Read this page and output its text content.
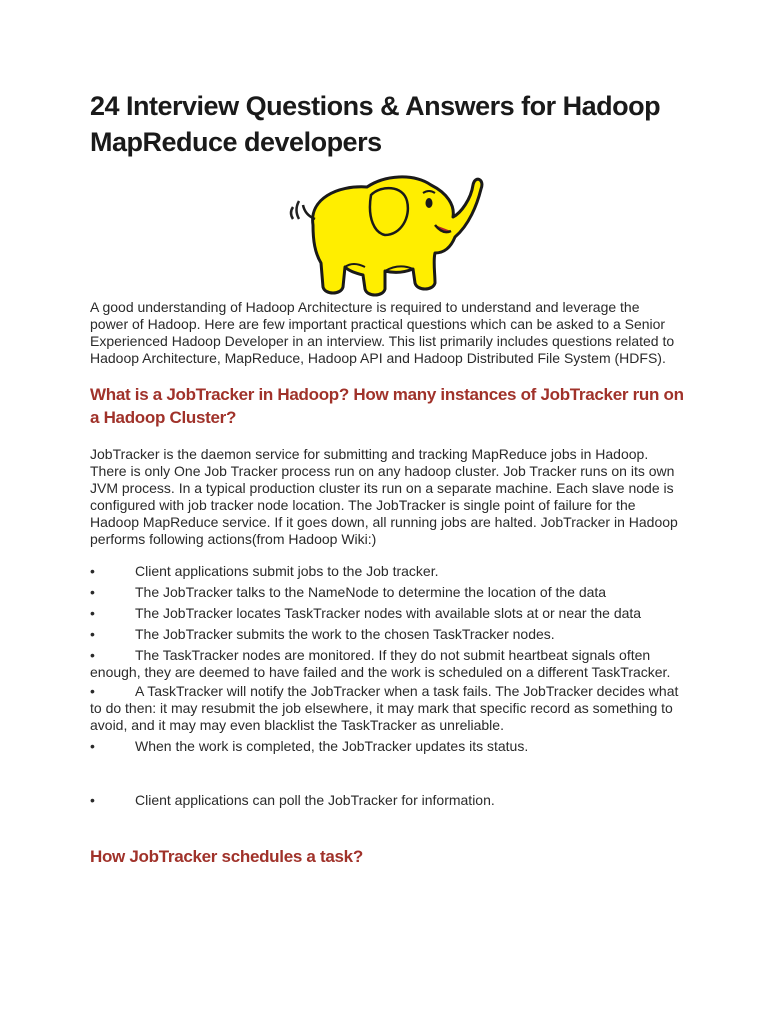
24 Interview Questions & Answers for Hadoop MapReduce developers

A good understanding of Hadoop Architecture is required to understand and leverage the power of Hadoop. Here are few important practical questions which can be asked to a Senior Experienced Hadoop Developer in an interview. This list primarily includes questions related to Hadoop Architecture, MapReduce, Hadoop API and Hadoop Distributed File System (HDFS).

What is a JobTracker in Hadoop? How many instances of JobTracker run on a Hadoop Cluster?

JobTracker is the daemon service for submitting and tracking MapReduce jobs in Hadoop. There is only One Job Tracker process run on any hadoop cluster. Job Tracker runs on its own JVM process. In a typical production cluster its run on a separate machine. Each slave node is configured with job tracker node location. The JobTracker is single point of failure for the Hadoop MapReduce service. If it goes down, all running jobs are halted. JobTracker in Hadoop performs following actions(from Hadoop Wiki:)

•	Client applications submit jobs to the Job tracker.
•	The JobTracker talks to the NameNode to determine the location of the data
•	The JobTracker locates TaskTracker nodes with available slots at or near the data
•	The JobTracker submits the work to the chosen TaskTracker nodes.
•	The TaskTracker nodes are monitored. If they do not submit heartbeat signals often enough, they are deemed to have failed and the work is scheduled on a different TaskTracker.
•	A TaskTracker will notify the JobTracker when a task fails. The JobTracker decides what to do then: it may resubmit the job elsewhere, it may mark that specific record as something to avoid, and it may may even blacklist the TaskTracker as unreliable.
•	When the work is completed, the JobTracker updates its status.
•	Client applications can poll the JobTracker for information.
How JobTracker schedules a task?
